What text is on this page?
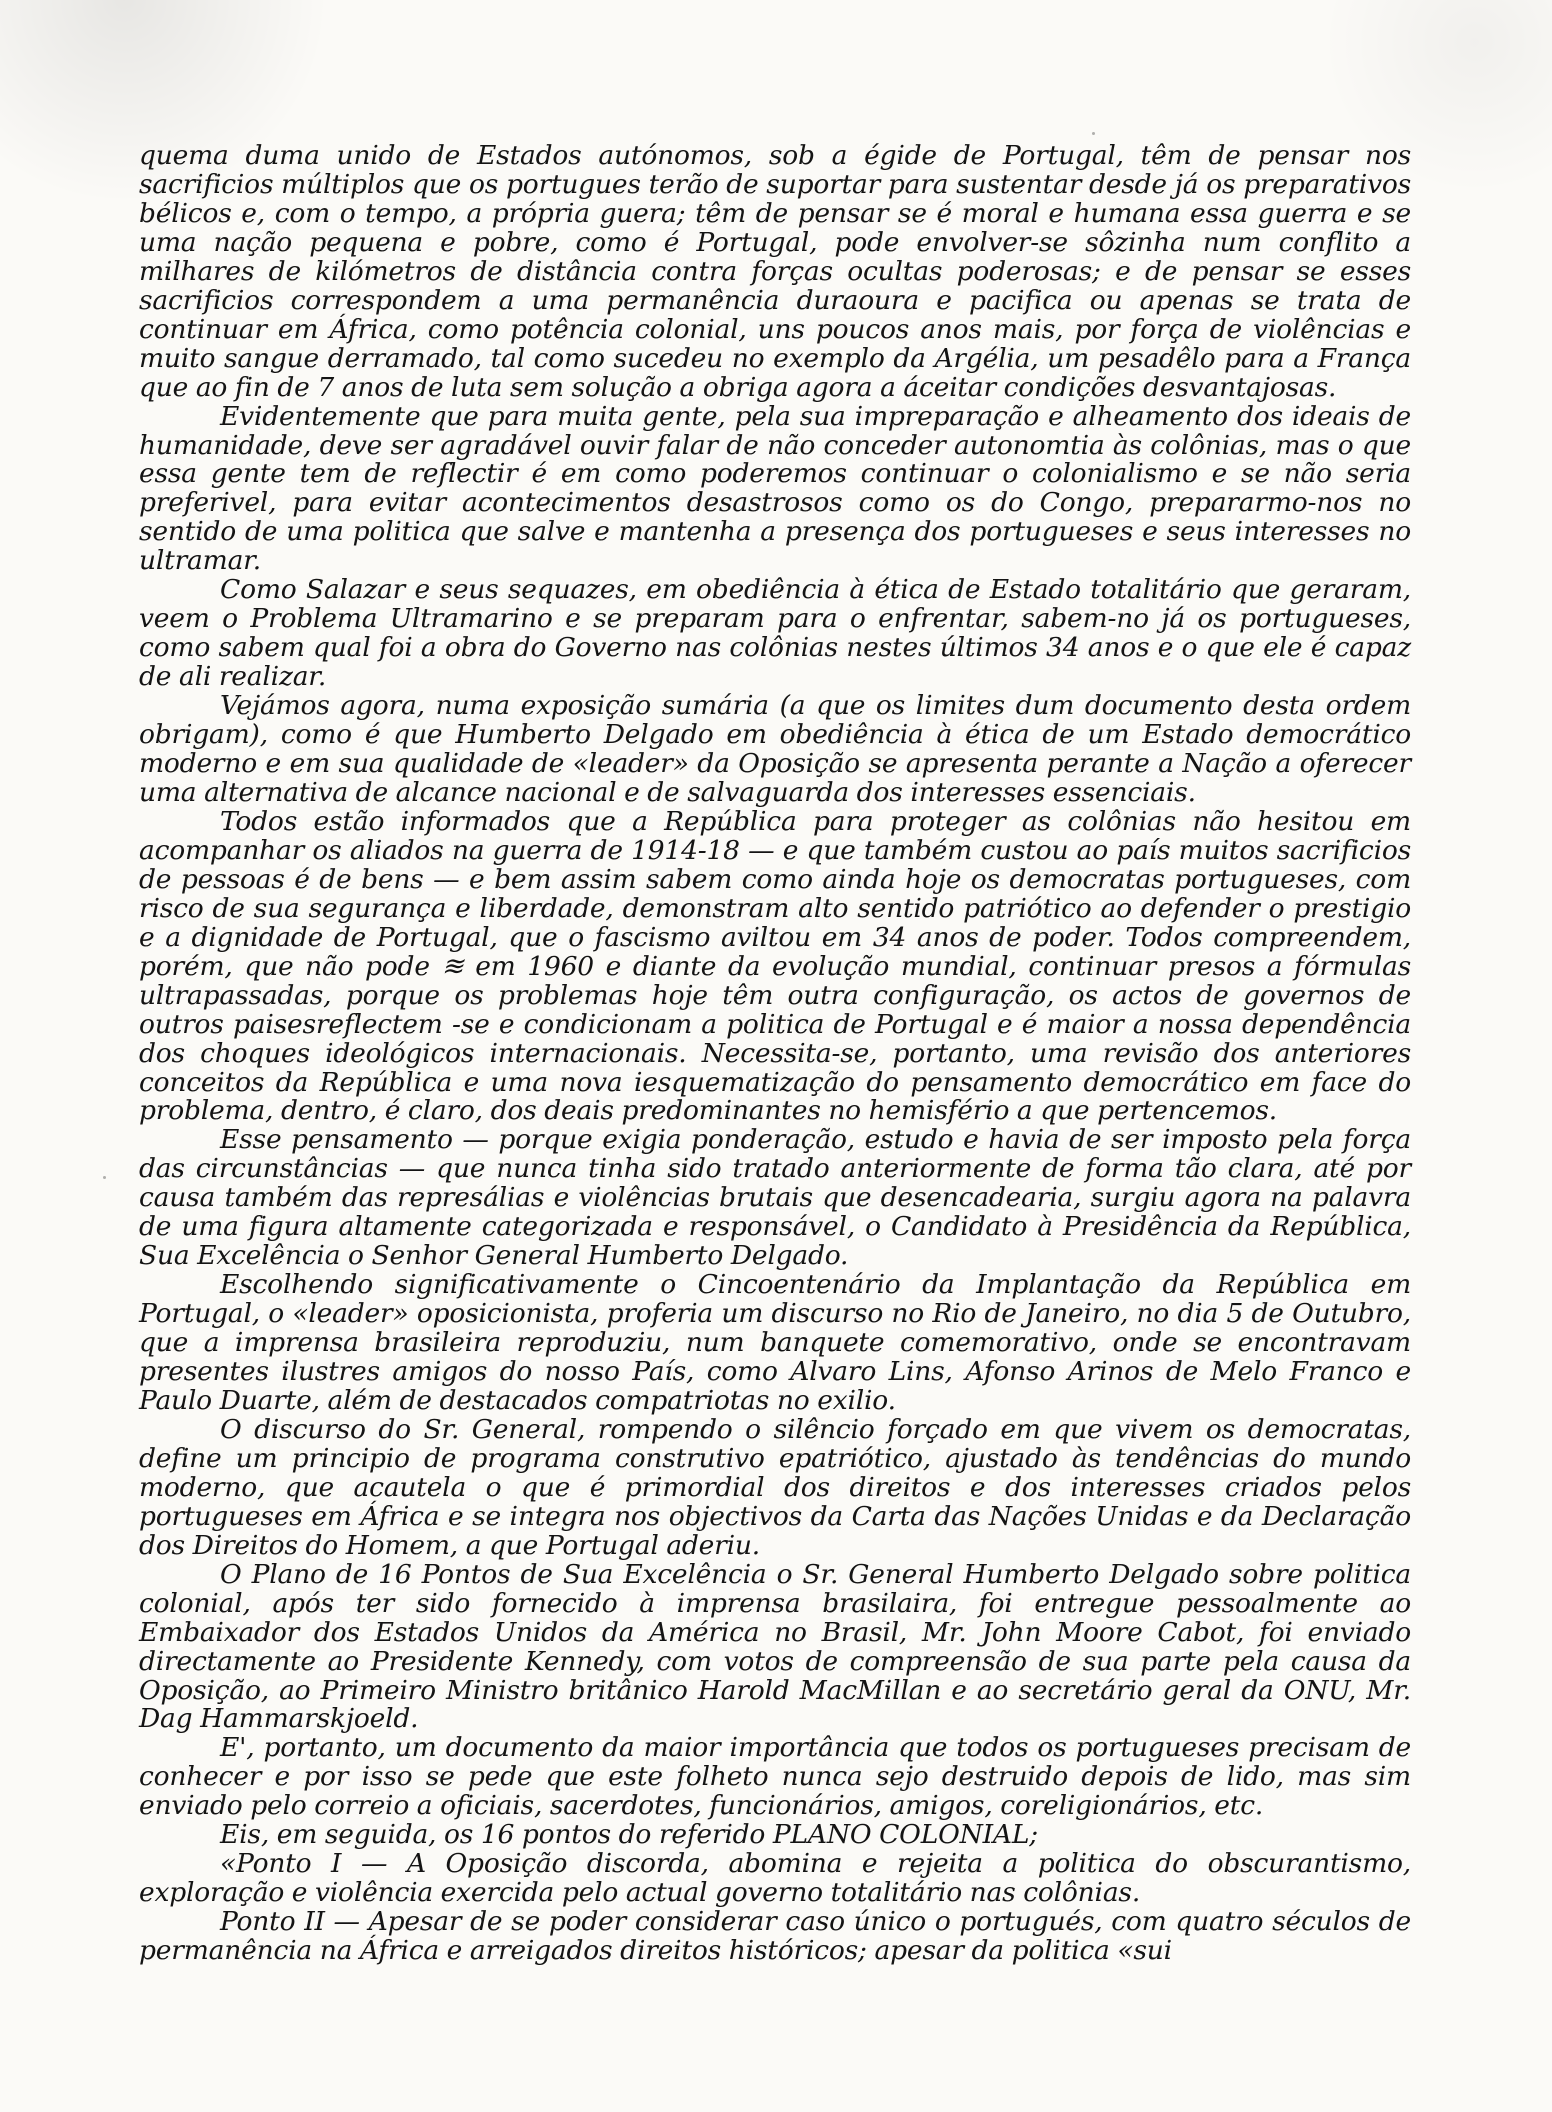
quema duma unido de Estados autónomos, sob a égide de Portugal, têm de pensar nos sacrificios múltiplos que os portugues terão de suportar para sustentar desde já os preparativos bélicos e, com o tempo, a própria guera; têm de pensar se é moral e humana essa guerra e se uma nação pequena e pobre, como é Portugal, pode envolver-se sôzinha num conflito a milhares de kilómetros de distância contra forças ocultas poderosas; e de pensar se esses sacrificios correspondem a uma permanência duraoura e pacifica ou apenas se trata de continuar em África, como potência colonial, uns poucos anos mais, por força de violências e muito sangue derramado, tal como sucedeu no exemplo da Argélia, um pesadêlo para a França que ao fin de 7 anos de luta sem solução a obriga agora a áceitar condições desvantajosas.

Evidentemente que para muita gente, pela sua impreparação e alheamento dos ideais de humanidade, deve ser agradável ouvir falar de não conceder autonomtia às colônias, mas o que essa gente tem de reflectir é em como poderemos continuar o colonialismo e se não seria preferivel, para evitar acontecimentos desastrosos como os do Congo, prepararmo-nos no sentido de uma politica que salve e mantenha a presença dos portugueses e seus interesses no ultramar.

Como Salazar e seus sequazes, em obediência à ética de Estado totalitário que geraram, veem o Problema Ultramarino e se preparam para o enfrentar, sabem-no já os portugueses, como sabem qual foi a obra do Governo nas colônias nestes últimos 34 anos e o que ele é capaz de ali realizar.

Vejámos agora, numa exposição sumária (a que os limites dum documento desta ordem obrigam), como é que Humberto Delgado em obediência à ética de um Estado democrático moderno e em sua qualidade de «leader» da Oposição se apresenta perante a Nação a oferecer uma alternativa de alcance nacional e de salvaguarda dos interesses essenciais.

Todos estão informados que a República para proteger as colônias não hesitou em acompanhar os aliados na guerra de 1914-18 — e que também custou ao país muitos sacrificios de pessoas é de bens — e bem assim sabem como ainda hoje os democratas portugueses, com risco de sua segurança e liberdade, demonstram alto sentido patriótico ao defender o prestigio e a dignidade de Portugal, que o fascismo aviltou em 34 anos de poder. Todos compreendem, porém, que não pode ≋ em 1960 e diante da evolução mundial, continuar presos a fórmulas ultrapassadas, porque os problemas hoje têm outra configuração, os actos de governos de outros paisesreflectem -se e condicionam a politica de Portugal e é maior a nossa dependência dos choques ideológicos internacionais. Necessita-se, portanto, uma revisão dos anteriores conceitos da República e uma nova iesquematização do pensamento democrático em face do problema, dentro, é claro, dos deais predominantes no hemisfério a que pertencemos.

Esse pensamento — porque exigia ponderação, estudo e havia de ser imposto pela força das circunstâncias — que nunca tinha sido tratado anteriormente de forma tão clara, até por causa também das represálias e violências brutais que desencadearia, surgiu agora na palavra de uma figura altamente categorizada e responsável, o Candidato à Presidência da República, Sua Excelência o Senhor General Humberto Delgado.

Escolhendo significativamente o Cincoentenário da Implantação da República em Portugal, o «leader» oposicionista, proferia um discurso no Rio de Janeiro, no dia 5 de Outubro, que a imprensa brasileira reproduziu, num banquete comemorativo, onde se encontravam presentes ilustres amigos do nosso País, como Alvaro Lins, Afonso Arinos de Melo Franco e Paulo Duarte, além de destacados compatriotas no exilio.

O discurso do Sr. General, rompendo o silêncio forçado em que vivem os democratas, define um principio de programa construtivo epatriótico, ajustado às tendências do mundo moderno, que acautela o que é primordial dos direitos e dos interesses criados pelos portugueses em África e se integra nos objectivos da Carta das Nações Unidas e da Declaração dos Direitos do Homem, a que Portugal aderiu.

O Plano de 16 Pontos de Sua Excelência o Sr. General Humberto Delgado sobre politica colonial, após ter sido fornecido à imprensa brasilaira, foi entregue pessoalmente ao Embaixador dos Estados Unidos da América no Brasil, Mr. John Moore Cabot, foi enviado directamente ao Presidente Kennedy, com votos de compreensão de sua parte pela causa da Oposição, ao Primeiro Ministro britânico Harold MacMillan e ao secretário geral da ONU, Mr. Dag Hammarskjoeld.

E', portanto, um documento da maior importância que todos os portugueses precisam de conhecer e por isso se pede que este folheto nunca sejo destruido depois de lido, mas sim enviado pelo correio a oficiais, sacerdotes, funcionários, amigos, coreligionários, etc.

Eis, em seguida, os 16 pontos do referido PLANO COLONIAL;

«Ponto I — A Oposição discorda, abomina e rejeita a politica do obscurantismo, exploração e violência exercida pelo actual governo totalitário nas colônias.

Ponto II — Apesar de se poder considerar caso único o portugués, com quatro séculos de permanência na África e arreigados direitos históricos; apesar da politica «sui
